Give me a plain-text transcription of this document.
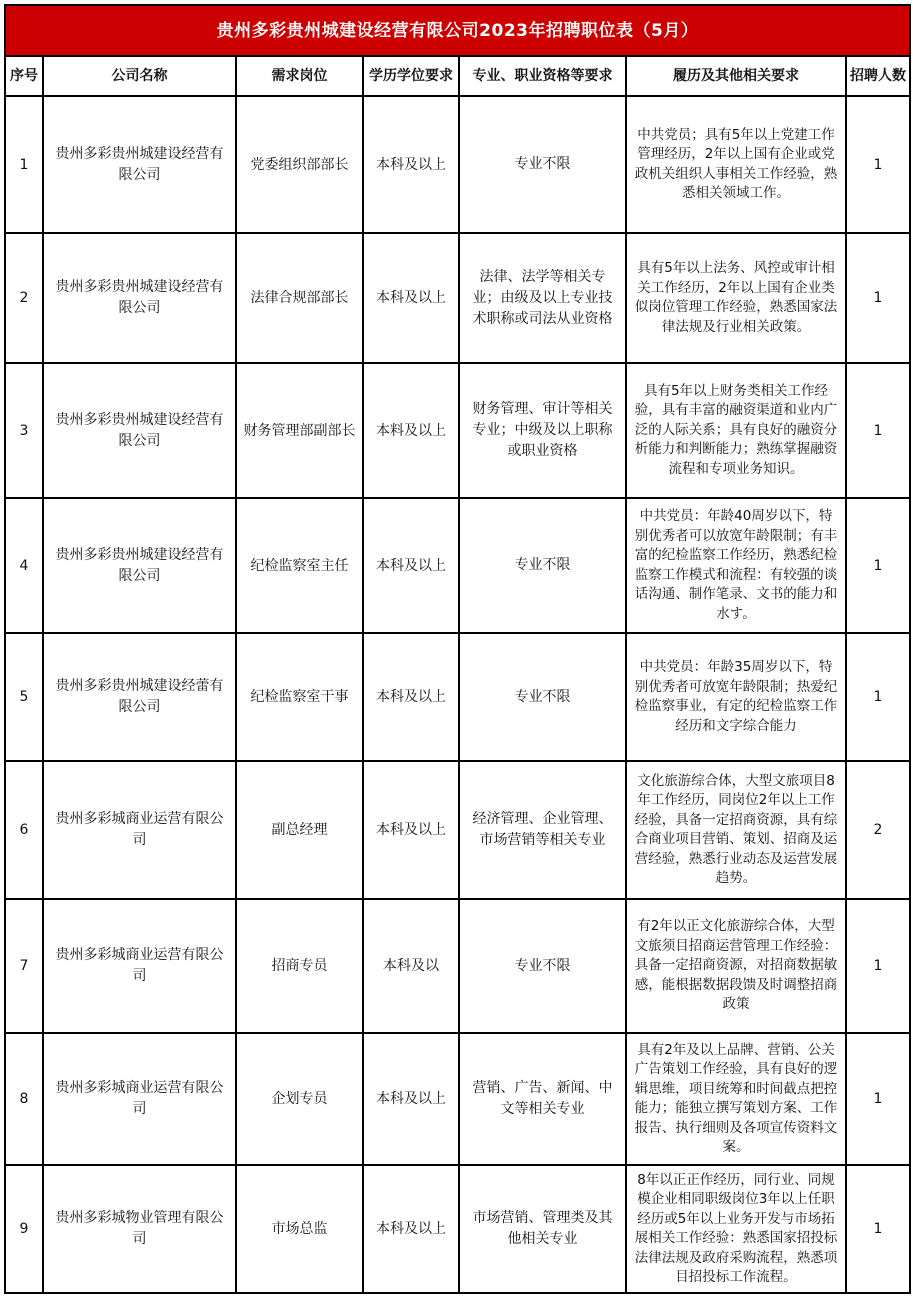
贵州多彩贵州城建设经营有限公司2023年招聘职位表（5月）						
序号	公司名称	需求岗位	学历学位要求	专业、职业资格等要求	履历及其他相关要求	招聘人数
1	贵州多彩贵州城建设经营有限公司	党委组织部部长	本科及以上	专业不限	中共党员；具有5年以上党建工作管理经历，2年以上国有企业或党政机关组织人事相关工作经验，熟悉相关领域工作。	1
2	贵州多彩贵州城建设经营有限公司	法律合规部部长	本科及以上	法律、法学等相关专业；由级及以上专业技术职称或司法从业资格	具有5年以上法务、风控或审计相关工作经历，2年以上国有企业类似岗位管理工作经验，熟悉国家法律法规及行业相关政策。	1
3	贵州多彩贵州城建设经营有限公司	财务管理部副部长	本料及以上	财务管理、审计等相关专业；中级及以上职称或职业资格	具有5年以上财务类相关工作经验，具有丰富的融资渠道和业内广泛的人际关系；具有良好的融资分析能力和判断能力；熟练掌握融资流程和专项业务知识。	1
4	贵州多彩贵州城建设经营有限公司	纪检监察室主任	本科及以上	专业不限	中共党员：年龄40周岁以下，特别优秀者可以放宽年龄限制；有丰富的纪检监察工作经历，熟悉纪检监察工作模式和流程：有较强的谈话沟通、制作笔录、文书的能力和水す。	1
5	贵州多彩贵州城建设经蕾有限公司	纪检监察室干事	本科及以上	专业不限	中共党员：年龄35周岁以下，特别优秀者可放宽年龄限制；热爱纪检监察事业，有定的纪检监察工作经历和文字综合能力	1
6	贵州多彩城商业运营有限公司	副总经理	本科及以上	经济管理、企业管理、市场营销等相关专业	文化旅游综合体，大型文旅项目8年工作经历，同岗位2年以上工作经验，具备一定招商资源，具有综合商业项目营销、策划、招商及运营经验，熟悉行业动态及运营发展趋势。	2
7	贵州多彩城商业运营有限公司	招商专员	本科及以	专业不限	有2年以正文化旅游综合体，大型文旅须目招商运营管理工作经验：具备一定招商资源，对招商数据敏感，能根据数据段馈及时调整招商政策	1
8	贵州多彩城商业运营有限公司	企划专员	本科及以上	营销、广告、新闻、中文等相关专业	具有2年及以上品牌、营销、公关广告策划工作经验，具有良好的逻辑思维，项目统筹和时间截点把控能力；能独立撰写策划方案、工作报告、执行细则及各项宣传资料文案。	1
9	贵州多彩城物业管理有限公司	市场总监	本科及以上	市场营销、管理类及其他相关专业	8年以正正作经历，同行业、同规模企业相同职级岗位3年以上任职经历或5年以上业务开发与市场拓展相关工作经验：熟悉国家招投标法律法规及政府采购流程，熟悉项目招投标工作流程。	1
